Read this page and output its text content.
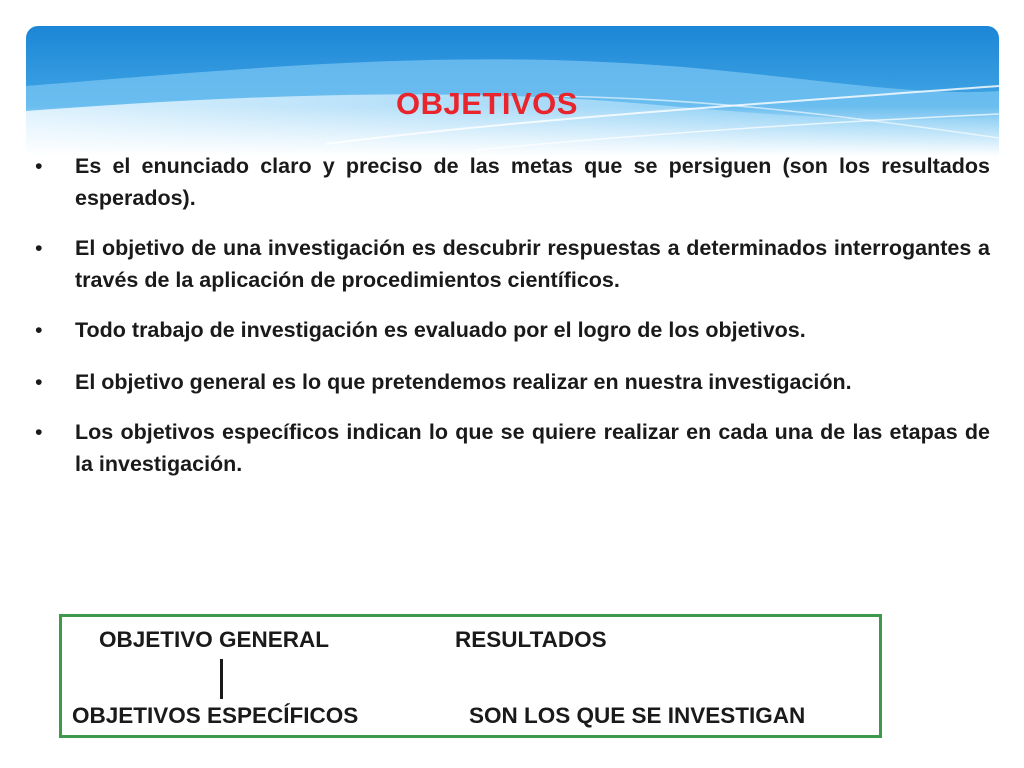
OBJETIVOS
• Es el enunciado claro y preciso de las metas que se persiguen (son los resultados esperados).
• El objetivo de una investigación es descubrir respuestas a determinados interrogantes a través de la aplicación de procedimientos científicos.
• Todo trabajo de investigación es evaluado por el logro de los objetivos.
• El objetivo general es lo que pretendemos realizar en nuestra investigación.
• Los objetivos específicos indican lo que se quiere realizar en cada una de las etapas de la investigación.
OBJETIVO GENERAL	RESULTADOS
OBJETIVOS ESPECÍFICOS	SON LOS QUE SE INVESTIGAN
